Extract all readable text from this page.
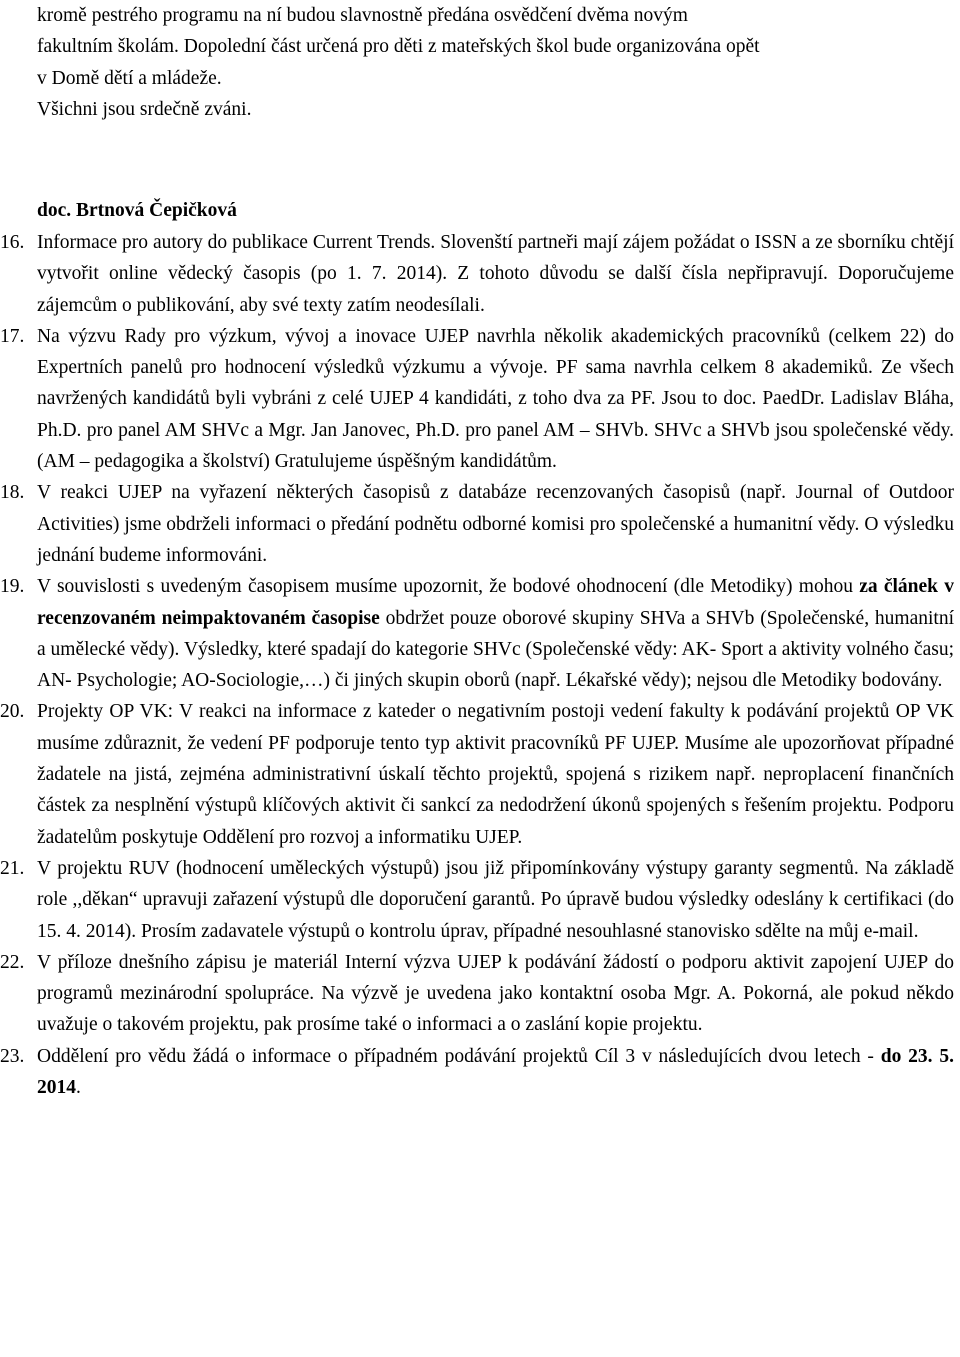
kromě pestrého programu na ní budou slavnostně předána osvědčení dvěma novým

fakultním školám. Dopolední část určená pro děti z mateřských škol bude organizována opět

v Domě dětí a mládeže.

Všichni jsou srdečně zváni.

doc. Brtnová Čepičková
16. Informace pro autory do publikace Current Trends. Slovenští partneři mají zájem požádat o ISSN a ze sborníku chtějí vytvořit online vědecký časopis (po 1. 7. 2014). Z tohoto důvodu se další čísla nepřipravují. Doporučujeme zájemcům o publikování, aby své texty zatím neodesílali.
17. Na výzvu Rady pro výzkum, vývoj a inovace UJEP navrhla několik akademických pracovníků (celkem 22) do Expertních panelů pro hodnocení výsledků výzkumu a vývoje. PF sama navrhla celkem 8 akademiků. Ze všech navržených kandidátů byli vybráni z celé UJEP 4 kandidáti, z toho dva za PF. Jsou to doc. PaedDr. Ladislav Bláha, Ph.D. pro panel AM SHVc a Mgr. Jan Janovec, Ph.D. pro panel AM – SHVb. SHVc a SHVb jsou společenské vědy. (AM – pedagogika a školství) Gratulujeme úspěšným kandidátům.
18. V reakci UJEP na vyřazení některých časopisů z databáze recenzovaných časopisů (např. Journal of Outdoor Activities) jsme obdrželi informaci o předání podnětu odborné komisi pro společenské a humanitní vědy. O výsledku jednání budeme informováni.
19. V souvislosti s uvedeným časopisem musíme upozornit, že bodové ohodnocení (dle Metodiky) mohou za článek v recenzovaném neimpaktovaném časopise obdržet pouze oborové skupiny SHVa a SHVb (Společenské, humanitní a umělecké vědy). Výsledky, které spadají do kategorie SHVc (Společenské vědy: AK- Sport a aktivity volného času; AN- Psychologie; AO-Sociologie,…) či jiných skupin oborů (např. Lékařské vědy); nejsou dle Metodiky bodovány.
20. Projekty OP VK: V reakci na informace z kateder o negativním postoji vedení fakulty k podávání projektů OP VK musíme zdůraznit, že vedení PF podporuje tento typ aktivit pracovníků PF UJEP. Musíme ale upozorňovat případné žadatele na jistá, zejména administrativní úskalí těchto projektů, spojená s rizikem např. neproplacení finančních částek za nesplnění výstupů klíčových aktivit či sankcí za nedodržení úkonů spojených s řešením projektu. Podporu žadatelům poskytuje Oddělení pro rozvoj a informatiku UJEP.
21. V projektu RUV (hodnocení uměleckých výstupů) jsou již připomínkovány výstupy garanty segmentů. Na základě role ,,děkan“ upravuji zařazení výstupů dle doporučení garantů. Po úpravě budou výsledky odeslány k certifikaci (do 15. 4. 2014). Prosím zadavatele výstupů o kontrolu úprav, případné nesouhlasné stanovisko sdělte na můj e-mail.
22. V příloze dnešního zápisu je materiál Interní výzva UJEP k podávání žádostí o podporu aktivit zapojení UJEP do programů mezinárodní spolupráce. Na výzvě je uvedena jako kontaktní osoba Mgr. A. Pokorná, ale pokud někdo uvažuje o takovém projektu, pak prosíme také o informaci a o zaslání kopie projektu.
23. Oddělení pro vědu žádá o informace o případném podávání projektů Cíl 3 v následujících dvou letech - do 23. 5. 2014.
